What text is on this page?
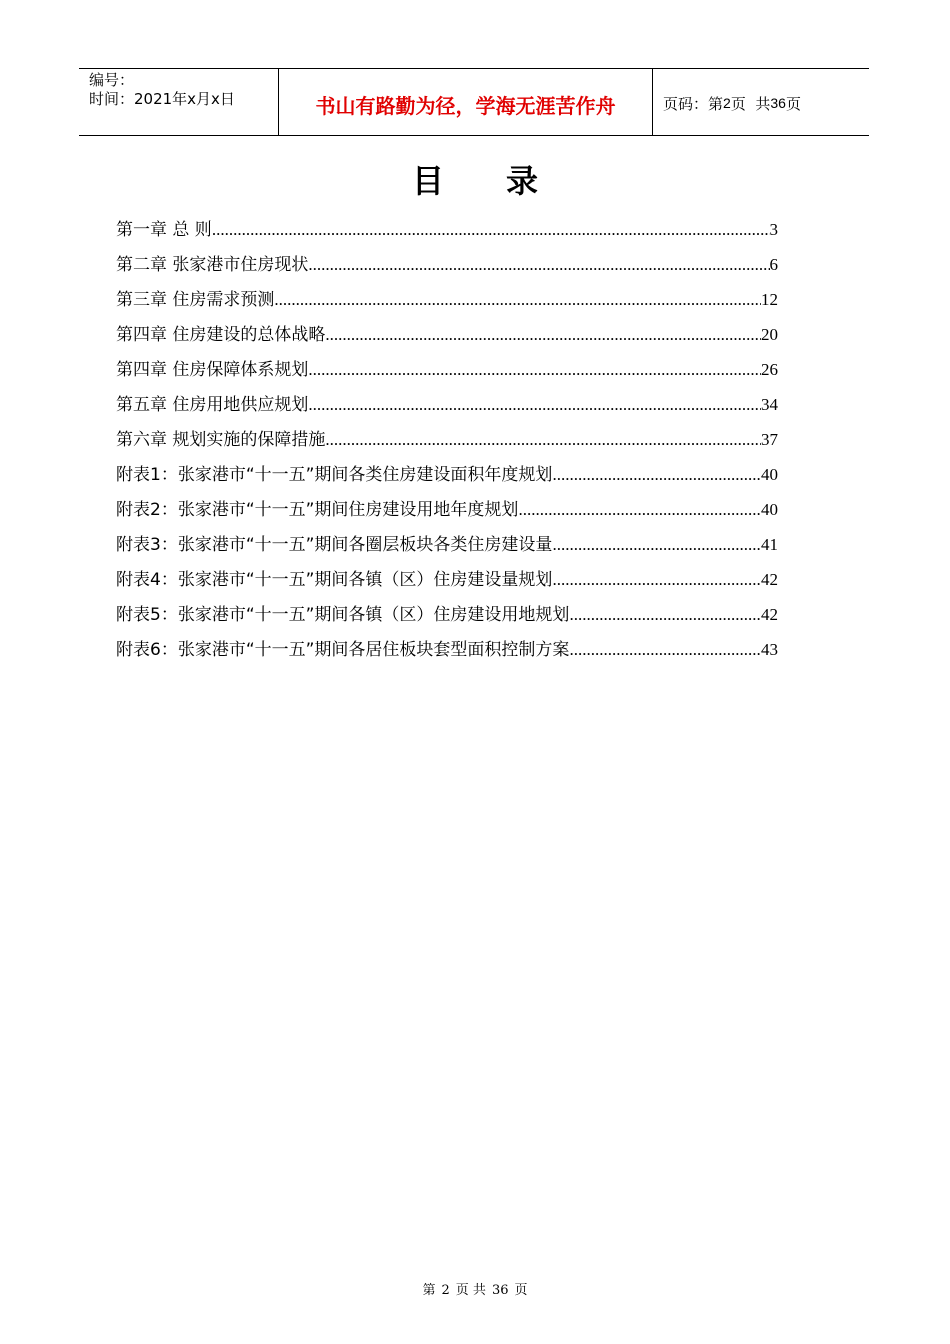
编号：
时间：2021年x月x日	书山有路勤为径，学海无涯苦作舟	页码：第 2 页  共 36 页
目 录
第一章 总 则 .....	3
第二章 张家港市住房现状 .....	6
第三章 住房需求预测 .....	12
第四章 住房建设的总体战略 .....	20
第四章 住房保障体系规划 .....	26
第五章 住房用地供应规划 .....	34
第六章 规划实施的保障措施 .....	37
附表1：张家港市“十一五”期间各类住房建设面积年度规划 .....	40
附表2：张家港市“十一五”期间住房建设用地年度规划 .....	40
附表3：张家港市“十一五”期间各圈层板块各类住房建设量 .....	41
附表4：张家港市“十一五”期间各镇（区）住房建设量规划 .....	42
附表5：张家港市“十一五”期间各镇（区）住房建设用地规划 .....	42
附表6：张家港市“十一五”期间各居住板块套型面积控制方案 .....	43
第 2 页 共 36 页
